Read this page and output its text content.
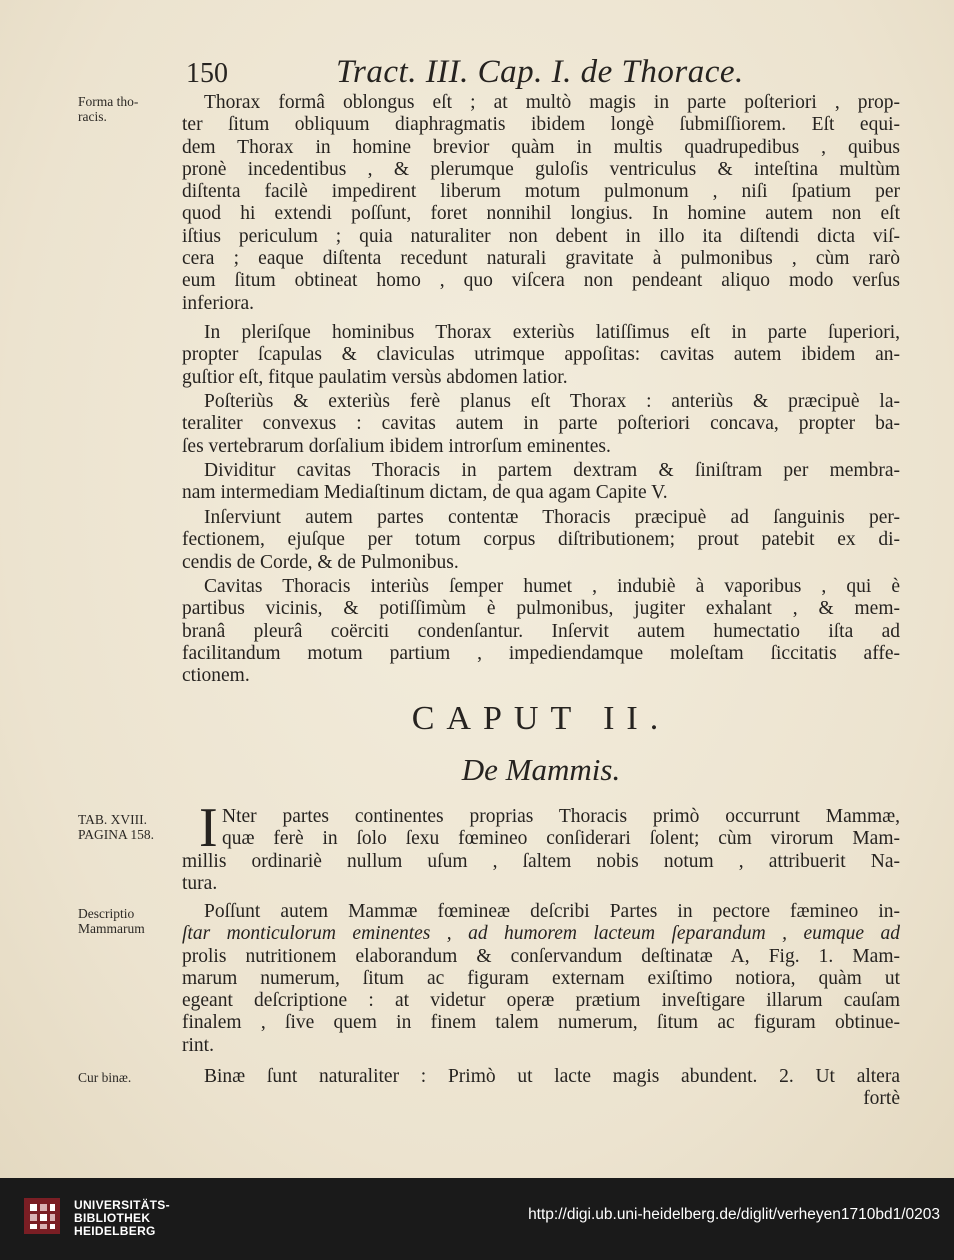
150	Tract. III. Cap. I. de Thorace.
Forma tho-
racis.
Thorax formâ oblongus eſt ; at multò magis in parte poſteriori , prop-
ter ſitum obliquum diaphragmatis ibidem longè ſubmiſſiorem. Eſt equi-
dem Thorax in homine brevior quàm in multis quadrupedibus , quibus
pronè incedentibus , & plerumque guloſis ventriculus & inteſtina multùm
diſtenta facilè impedirent liberum motum pulmonum , niſi ſpatium per
quod hi extendi poſſunt, foret nonnihil longius. In homine autem non eſt
iſtius periculum ; quia naturaliter non debent in illo ita diſtendi dicta viſ-
cera ; eaque diſtenta recedunt naturali gravitate à pulmonibus , cùm rarò
eum ſitum obtineat homo , quo viſcera non pendeant aliquo modo verſus
inferiora.
In pleriſque hominibus Thorax exteriùs latiſſimus eſt in parte ſuperiori,
propter ſcapulas & claviculas utrimque appoſitas: cavitas autem ibidem an-
guſtior eſt, fitque paulatim versùs abdomen latior.
Poſteriùs & exteriùs ferè planus eſt Thorax : anteriùs & præcipuè la-
teraliter convexus : cavitas autem in parte poſteriori concava, propter ba-
ſes vertebrarum dorſalium ibidem introrſum eminentes.
Dividitur cavitas Thoracis in partem dextram & ſiniſtram per membra-
nam intermediam Mediaſtinum dictam, de qua agam Capite V.
Inſerviunt autem partes contentæ Thoracis præcipuè ad ſanguinis per-
fectionem, ejuſque per totum corpus diſtributionem; prout patebit ex di-
cendis de Corde, & de Pulmonibus.
Cavitas Thoracis interiùs ſemper humet , indubiè à vaporibus , qui è
partibus vicinis, & potiſſimùm è pulmonibus, jugiter exhalant , & mem-
branâ pleurâ coërciti condenſantur. Inſervit autem humectatio iſta ad
facilitandum motum partium , impediendamque moleſtam ſiccitatis affe-
ctionem.
CAPUT II.
De Mammis.
TAB. XVIII.
PAGINA 158. I Nter partes continentes proprias Thoracis primò occurrunt Mammæ,
quæ ferè in ſolo ſexu fœmineo conſiderari ſolent; cùm virorum Mam-
millis ordinariè nullum uſum , ſaltem nobis notum , attribuerit Na-
tura.
Descriptio
Mammarum
Poſſunt autem Mammæ fœmineæ deſcribi Partes in pectore fæmineo in-
ſtar monticulorum eminentes , ad humorem lacteum ſeparandum , eumque ad
prolis nutritionem elaborandum & conſervandum deſtinatæ A, Fig. 1. Mam-
marum numerum, ſitum ac figuram externam exiſtimo notiora, quàm ut
egeant deſcriptione : at videtur operæ prætium inveſtigare illarum cauſam
finalem , ſive quem in finem talem numerum, ſitum ac figuram obtinue-
rint.
Cur binæ.	Binæ ſunt naturaliter : Primò ut lacte magis abundent. 2. Ut altera
fortè
UNIVERSITÄTS-
BIBLIOTHEK
HEIDELBERG
http://digi.ub.uni-heidelberg.de/diglit/verheyen1710bd1/0203
